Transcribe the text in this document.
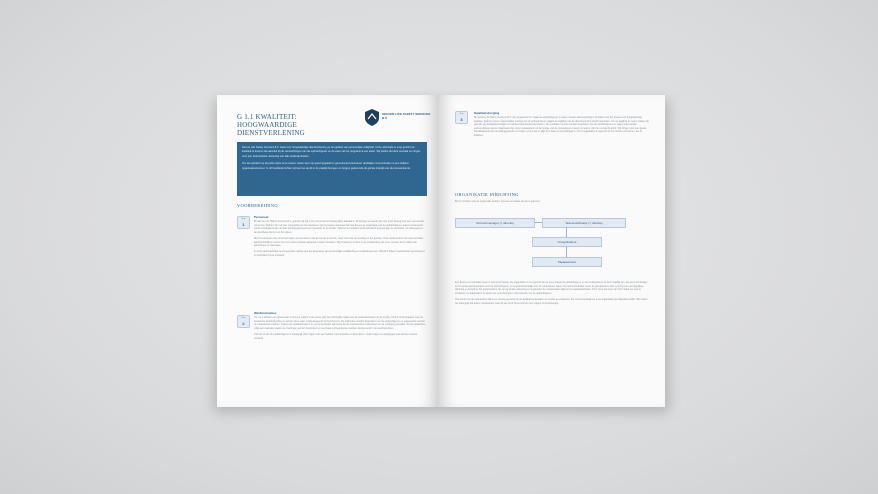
G 1.1 KWALITEIT: HOOGWAARDIGE DIENSTVERLENING
SECURE LIFE SAFETY SERVICES B.V.

Secure Life Safety Services B.V. staat voor hoogwaardige dienstverlening op het gebied van persoonlijke veiligheid. Onze werkwijze is erop gericht om kwaliteit te leveren die aansluit bij de verwachtingen van de opdrachtgever en de eisen uit het programma van eisen. Wij stellen de klant centraal en zorgen voor een betrouwbare uitvoering van alle werkzaamheden.

Om de opdracht op de juiste wijze uit te voeren zetten wij in op goed opgeleid en gemotiveerd personeel, duidelijke communicatie en een heldere organisatiestructuur. In dit hoofdstuk lichten wij toe hoe wij dit in de praktijk brengen en borgen gedurende de gehele looptijd van de overeenkomst.

VOORBEREIDING
Stap
1
Personeel

Bij Secure Life Safety Services B.V. geloven wij dat onze personeel het belangrijkste kapitaal is. Ervaringen en kennis zijn van groot belang voor een succesvolle uitvoering. Daarom zijn wij zeer zorgvuldig met het selecteren van het juiste personeel dat past binnen de organisatie van de opdrachtgever. Iedere medewerker wordt voorafgaand aan de start grondig gescreend en ingewerkt op de locatie. Tijdens het inwerken wordt aandacht besteed aan de werkwijze, de huisregels en de specifieke risico's van het object.

Bij het selecteren van personeel kijken wij niet alleen naar de kennis en kunde, maar ook naar de houding en het gedrag. Onze medewerkers zijn representatief, klantvriendelijk en weten hoe zij in iedere situatie adequaat moeten handelen. Wij investeren continu in de ontwikkeling van onze mensen door middel van opleidingen en trainingen.

In deze personeelsfase is er bovendien ruimte voor het bespreken van persoonlijke ontwikkeling en loopbaanwensen. Hierdoor blijven medewerkers gemotiveerd en betrokken bij de opdracht.

Stap
2
Werkinstructies

Om op 1 oktober een goede start te kunnen maken is de eerste stap het inzichtelijk maken van de werkzaamheden op de locatie. Hierbij wordt gekeken naar de bestaande werkinstructies en worden deze waar nodig aangevuld of herschreven. De instructies worden besproken met de opdrachtgever en vastgesteld voordat de medewerkers starten. Tijdens de opstartperiode is er een projectleider aanwezig die de medewerkers ondersteunt en de voortgang bewaakt. Na de opstartfase volgt een evaluatie waarin de ervaringen worden besproken en eventuele verbeterpunten worden doorgevoerd in de werkinstructies.

Ook de rol van de opdrachtgever is belangrijk. Wij zorgen voor een heldere communicatie en korte lijnen, zodat vragen en wijzigingen snel kunnen worden verwerkt.

Stap
3
Kwaliteitsborging
Bij Secure Life Safety Services B.V. zijn wij gewend om naast de opdrachtgever te staan. Goede samenwerking is de basis voor het leveren van hoogwaardige kwaliteit. Daarom voeren wij periodiek overleg met de opdrachtgever waarin de kwaliteit van de dienstverlening wordt besproken. Om de kwaliteit te meten maken wij gebruik van kwaliteitsmetingen en klanttevredenheidsonderzoeken. De resultaten hiervan worden besproken met de opdrachtgever en waar nodig worden verbeteracties ingezet. Daarnaast zijn onze medewerkers op de hoogte van de procedures en weten zij wat er van hen verwacht wordt. Wij zorgen voor een goede bereikbaarheid van de leidinggevende en zorgen ervoor dat er altijd een back-up beschikbaar is. Onze organisatie is ingericht op het continu verbeteren van de kwaliteit.
ORGANISATIE INRICHTING
Bij het inrichten van de organisatie hebben wij voor een platte structuur gekozen:
Accountmanager (= directie)	Teamcoördinator (= directie)
Groepsleiders
Medewerkers

Een flexibel en betrokken team is van groot belang. De organisatie is zo ingericht dat de lijnen tussen de opdrachtgever en de medewerkers zo kort mogelijk zijn. De accountmanager is het eerste aanspreekpunt voor de opdrachtgever en is verantwoordelijk voor de contractuele zaken. De teamcoördinator stuurt de groepsleiders aan en zorgt voor de dagelijkse planning en bezetting. De groepsleiders zijn op de locatie aanwezig en begeleiden de medewerkers tijdens hun werkzaamheden. Door deze structuur zijn wij in staat om snel te schakelen en adequaat in te spelen op veranderingen in de behoefte van de opdrachtgever.

Ook wordt met de teamleiders altijd een overleg gevoerd om de kwaliteit te bewaken en verder te verbeteren. De communicatielijnen in de organisatie zijn daardoor helder. Wij vinden het belangrijk dat iedere medewerker weet bij wie hij of zij terecht kan met vragen of opmerkingen.
